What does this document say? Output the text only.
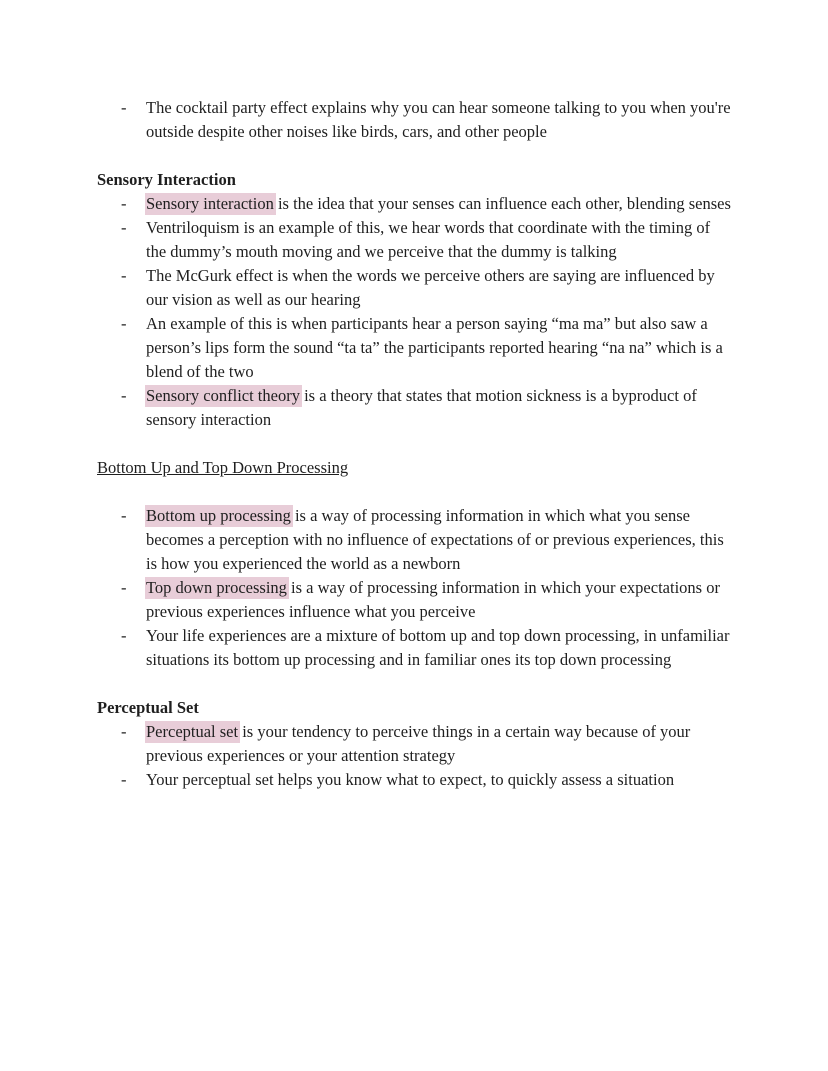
-	The cocktail party effect explains why you can hear someone talking to you when you're outside despite other noises like birds, cars, and other people
Sensory Interaction
-	Sensory interaction is the idea that your senses can influence each other, blending senses
-	Ventriloquism is an example of this, we hear words that coordinate with the timing of the dummy’s mouth moving and we perceive that the dummy is talking
-	The McGurk effect is when the words we perceive others are saying are influenced by our vision as well as our hearing
-	An example of this is when participants hear a person saying “ma ma” but also saw a person’s lips form the sound “ta ta” the participants reported hearing “na na” which is a blend of the two
-	Sensory conflict theory is a theory that states that motion sickness is a byproduct of sensory interaction
Bottom Up and Top Down Processing
-	Bottom up processing is a way of processing information in which what you sense becomes a perception with no influence of expectations of or previous experiences, this is how you experienced the world as a newborn
-	Top down processing is a way of processing information in which your expectations or previous experiences influence what you perceive
-	Your life experiences are a mixture of bottom up and top down processing, in unfamiliar situations its bottom up processing and in familiar ones its top down processing
Perceptual Set
-	Perceptual set is your tendency to perceive things in a certain way because of your previous experiences or your attention strategy
-	Your perceptual set helps you know what to expect, to quickly assess a situation
